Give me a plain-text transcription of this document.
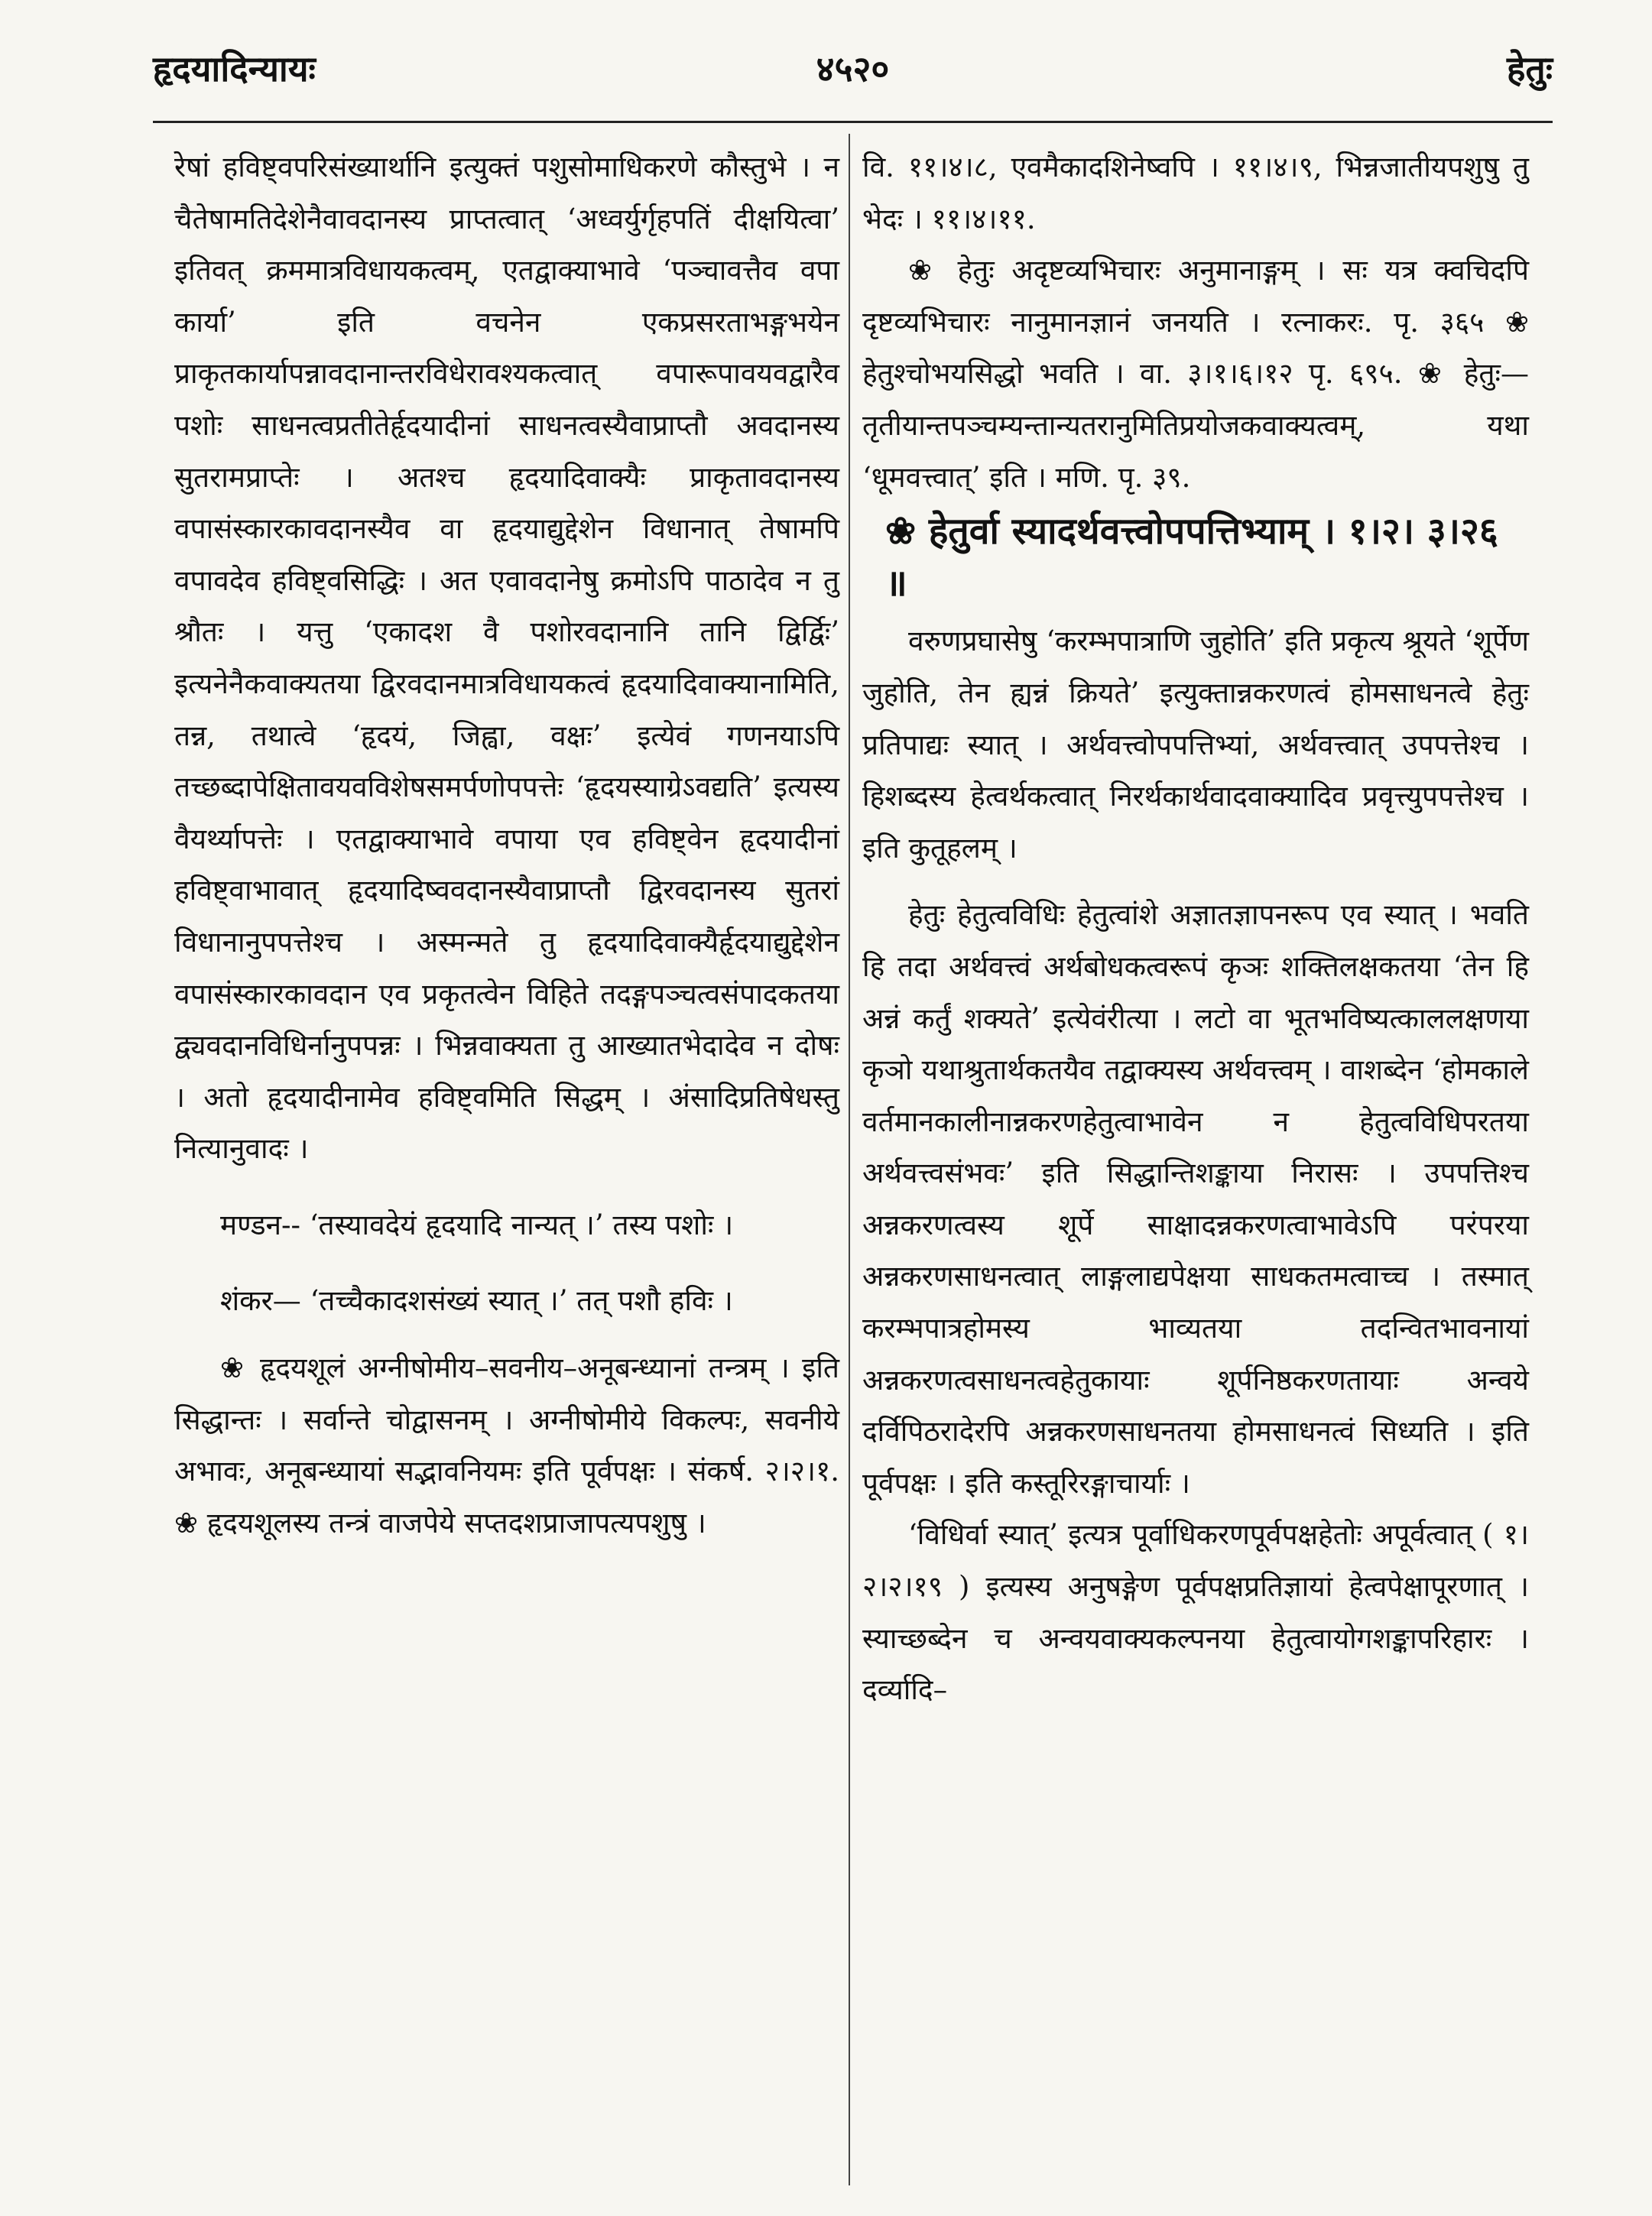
हृदयादिन्यायः	४५२०	हेतुः

रेषां हविष्ट्वपरिसंख्यार्थानि इत्युक्तं पशुसोमाधिकरणे कौस्तुभे । न चैतेषामतिदेशेनैवावदानस्य प्राप्तत्वात् ‘अध्वर्युर्गृहपतिं दीक्षयित्वा’ इतिवत् क्रममात्रविधायकत्वम्, एतद्वाक्याभावे ‘पञ्चावत्तैव वपा कार्या’ इति वचनेन एकप्रसरताभङ्गभयेन प्राकृतकार्यापन्नावदानान्तरविधेरावश्यकत्वात् वपारूपावयवद्वारैव पशोः साधनत्वप्रतीतेर्हृदयादीनां साधनत्वस्यैवाप्राप्तौ अवदानस्य सुतरामप्राप्तेः । अतश्च हृदयादिवाक्यैः प्राकृतावदानस्य वपासंस्कारकावदानस्यैव वा हृदयाद्युद्देशेन विधानात् तेषामपि वपावदेव हविष्ट्वसिद्धिः । अत एवावदानेषु क्रमोऽपि पाठादेव न तु श्रौतः । यत्तु ‘एकादश वै पशोरवदानानि तानि द्विर्द्विः’ इत्यनेनैकवाक्यतया द्विरवदानमात्रविधायकत्वं हृदयादिवाक्यानामिति, तन्न, तथात्वे ‘हृदयं, जिह्वा, वक्षः’ इत्येवं गणनयाऽपि तच्छब्दापेक्षितावयवविशेषसमर्पणोपपत्तेः ‘हृदयस्याग्रेऽवद्यति’ इत्यस्य वैयर्थ्यापत्तेः । एतद्वाक्याभावे वपाया एव हविष्ट्वेन हृदयादीनां हविष्ट्वाभावात् हृदयादिष्ववदानस्यैवाप्राप्तौ द्विरवदानस्य सुतरां विधानानुपपत्तेश्च । अस्मन्मते तु हृदयादिवाक्यैर्हृदयाद्युद्देशेन वपासंस्कारकावदान एव प्रकृतत्वेन विहिते तदङ्गपञ्चत्वसंपादकतया द्व्यवदानविधिर्नानुपपन्नः । भिन्नवाक्यता तु आख्यातभेदादेव न दोषः । अतो हृदयादीनामेव हविष्ट्वमिति सिद्धम् । अंसादिप्रतिषेधस्तु नित्यानुवादः ।

मण्डन-- ‘तस्यावदेयं हृदयादि नान्यत् ।’ तस्य पशोः ।

शंकर— ‘तच्चैकादशसंख्यं स्यात् ।’ तत् पशौ हविः ।

❀ हृदयशूलं अग्नीषोमीय–सवनीय–अनूबन्ध्यानां तन्त्रम् । इति सिद्धान्तः । सर्वान्ते चोद्वासनम् । अग्नीषोमीये विकल्पः, सवनीये अभावः, अनूबन्ध्यायां सद्भावनियमः इति पूर्वपक्षः । संकर्ष. २।२।१. ❀ हृदयशूलस्य तन्त्रं वाजपेये सप्तदशप्राजापत्यपशुषु ।

वि. ११।४।८, एवमैकादशिनेष्वपि । ११।४।९, भिन्नजातीयपशुषु तु भेदः । ११।४।११.

❀ हेतुः अदृष्टव्यभिचारः अनुमानाङ्गम् । सः यत्र क्वचिदपि दृष्टव्यभिचारः नानुमानज्ञानं जनयति । रत्नाकरः. पृ. ३६५ ❀ हेतुश्चोभयसिद्धो भवति । वा. ३।१।६।१२ पृ. ६९५. ❀ हेतुः— तृतीयान्तपञ्चम्यन्तान्यतरानुमितिप्रयोजकवाक्यत्वम्, यथा ‘धूमवत्त्वात्’ इति । मणि. पृ. ३९.

❀ हेतुर्वा स्यादर्थवत्त्वोपपत्तिभ्याम् । १।२। ३।२६ ॥

वरुणप्रघासेषु ‘करम्भपात्राणि जुहोति’ इति प्रकृत्य श्रूयते ‘शूर्पेण जुहोति, तेन ह्यन्नं क्रियते’ इत्युक्तान्नकरणत्वं होमसाधनत्वे हेतुः प्रतिपाद्यः स्यात् । अर्थवत्त्वोपपत्तिभ्यां, अर्थवत्त्वात् उपपत्तेश्च । हिशब्दस्य हेत्वर्थकत्वात् निरर्थकार्थवादवाक्यादिव प्रवृत्त्युपपत्तेश्च । इति कुतूहलम् ।

हेतुः हेतुत्वविधिः हेतुत्वांशे अज्ञातज्ञापनरूप एव स्यात् । भवति हि तदा अर्थवत्त्वं अर्थबोधकत्वरूपं कृञः शक्तिलक्षकतया ‘तेन हि अन्नं कर्तुं शक्यते’ इत्येवंरीत्या । लटो वा भूतभविष्यत्काललक्षणया कृञो यथाश्रुतार्थकतयैव तद्वाक्यस्य अर्थवत्त्वम् । वाशब्देन ‘होमकाले वर्तमानकालीनान्नकरणहेतुत्वाभावेन न हेतुत्वविधिपरतया अर्थवत्त्वसंभवः’ इति सिद्धान्तिशङ्काया निरासः । उपपत्तिश्च अन्नकरणत्वस्य शूर्पे साक्षादन्नकरणत्वाभावेऽपि परंपरया अन्नकरणसाधनत्वात् लाङ्गलाद्यपेक्षया साधकतमत्वाच्च । तस्मात् करम्भपात्रहोमस्य भाव्यतया तदन्वितभावनायां अन्नकरणत्वसाधनत्वहेतुकायाः शूर्पनिष्ठकरणतायाः अन्वये दर्विपिठरादेरपि अन्नकरणसाधनतया होमसाधनत्वं सिध्यति । इति पूर्वपक्षः । इति कस्तूरिरङ्गाचार्याः ।

‘विधिर्वा स्यात्’ इत्यत्र पूर्वाधिकरणपूर्वपक्षहेतोः अपूर्वत्वात् ( १।२।२।१९ ) इत्यस्य अनुषङ्गेण पूर्वपक्षप्रतिज्ञायां हेत्वपेक्षापूरणात् । स्याच्छब्देन च अन्वयवाक्यकल्पनया हेतुत्वायोगशङ्कापरिहारः । दर्व्यादि–
